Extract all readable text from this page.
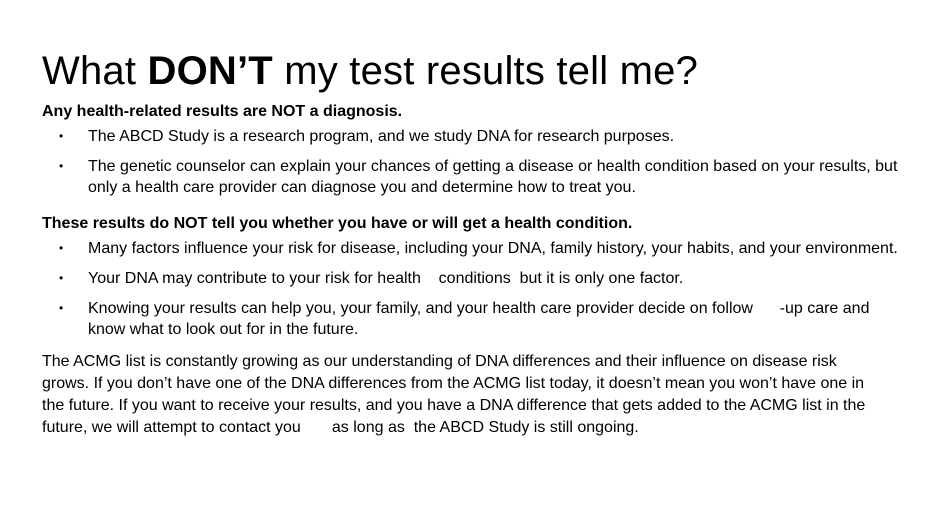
What DON’T my test results tell me?

Any health-related results are NOT a diagnosis.

• The ABCD Study is a research program, and we study DNA for research purposes.
• The genetic counselor can explain your chances of getting a disease or health condition based on your results, but only a health care provider can diagnose you and determine how to treat you.

These results do NOT tell you whether you have or will get a health condition.

• Many factors influence your risk for disease, including your DNA, family history, your habits, and your environment.
• Your DNA may contribute to your risk for health    conditions  but it is only one factor.
• Knowing your results can help you, your family, and your health care provider decide on follow      -up care and know what to look out for in the future.

The ACMG list is constantly growing as our understanding of DNA differences and their influence on disease risk grows. If you don’t have one of the DNA differences from the ACMG list today, it doesn’t mean you won’t have one in the future. If you want to receive your results, and you have a DNA difference that gets added to the ACMG list in the future, we will attempt to contact you       as long as  the ABCD Study is still ongoing.
